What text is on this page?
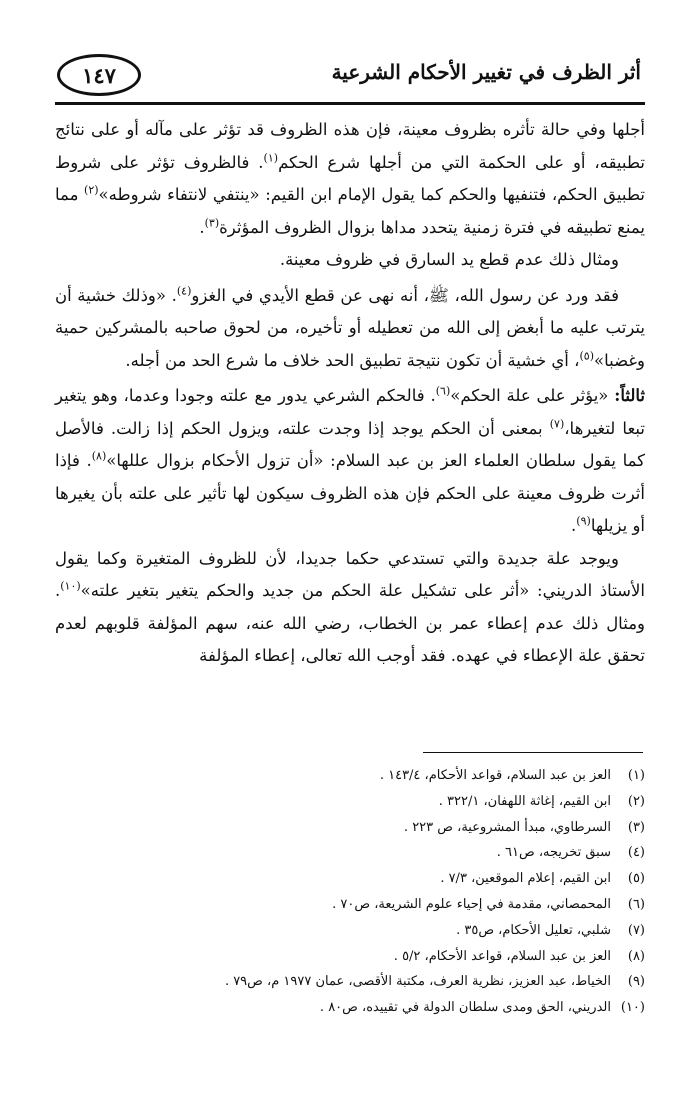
أثر الظرف في تغيير الأحكام الشرعية
١٤٧

أجلها وفي حالة تأثره بظروف معينة، فإن هذه الظروف قد تؤثر على مآله أو على نتائج تطبيقه، أو على الحكمة التي من أجلها شرع الحكم$^{(١)}$. فالظروف تؤثر على شروط تطبيق الحكم، فتنفيها والحكم كما يقول الإمام ابن القيم: «ينتفي لانتفاء شروطه»$^{(٢)}$ مما يمنع تطبيقه في فترة زمنية يتحدد مداها بزوال الظروف المؤثرة$^{(٣)}$.

ومثال ذلك عدم قطع يد السارق في ظروف معينة.

فقد ورد عن رسول الله، ﷺ، أنه نهى عن قطع الأيدي في الغزو$^{(٤)}$. «وذلك خشية أن يترتب عليه ما أبغض إلى الله من تعطيله أو تأخيره، من لحوق صاحبه بالمشركين حمية وغضبا»$^{(٥)}$، أي خشية أن تكون نتيجة تطبيق الحد خلاف ما شرع الحد من أجله.

ثالثاً: «يؤثر على علة الحكم»$^{(٦)}$. فالحكم الشرعي يدور مع علته وجودا وعدما، وهو يتغير تبعا لتغيرها،$^{(٧)}$ بمعنى أن الحكم يوجد إذا وجدت علته، ويزول الحكم إذا زالت. فالأصل كما يقول سلطان العلماء العز بن عبد السلام: «أن تزول الأحكام بزوال عللها»$^{(٨)}$. فإذا أثرت ظروف معينة على الحكم فإن هذه الظروف سيكون لها تأثير على علته بأن يغيرها أو يزيلها$^{(٩)}$.

ويوجد علة جديدة والتي تستدعي حكما جديدا، لأن للظروف المتغيرة وكما يقول الأستاذ الدريني: «أثر على تشكيل علة الحكم من جديد والحكم يتغير بتغير علته»$^{(١٠)}$. ومثال ذلك عدم إعطاء عمر بن الخطاب، رضي الله عنه، سهم المؤلفة قلوبهم لعدم تحقق علة الإعطاء في عهده. فقد أوجب الله تعالى، إعطاء المؤلفة

(١)
العز بن عبد السلام، قواعد الأحكام، ١٤٣/٤ .
(٢)
ابن القيم، إغاثة اللهفان، ٣٢٢/١ .
(٣)
السرطاوي، مبدأ المشروعية، ص ٢٢٣ .
(٤)
سبق تخريجه، ص٦١ .
(٥)
ابن القيم، إعلام الموقعين، ٧/٣ .
(٦)
المحمصاني، مقدمة في إحياء علوم الشريعة، ص٧٠ .
(٧)
شلبي، تعليل الأحكام، ص٣٥ .
(٨)
العز بن عبد السلام، قواعد الأحكام، ٥/٢ .
(٩)
الخياط، عبد العزيز، نظرية العرف، مكتبة الأقصى، عمان ١٩٧٧ م، ص٧٩ .
(١٠)
الدريني، الحق ومدى سلطان الدولة في تقييده، ص٨٠ .
